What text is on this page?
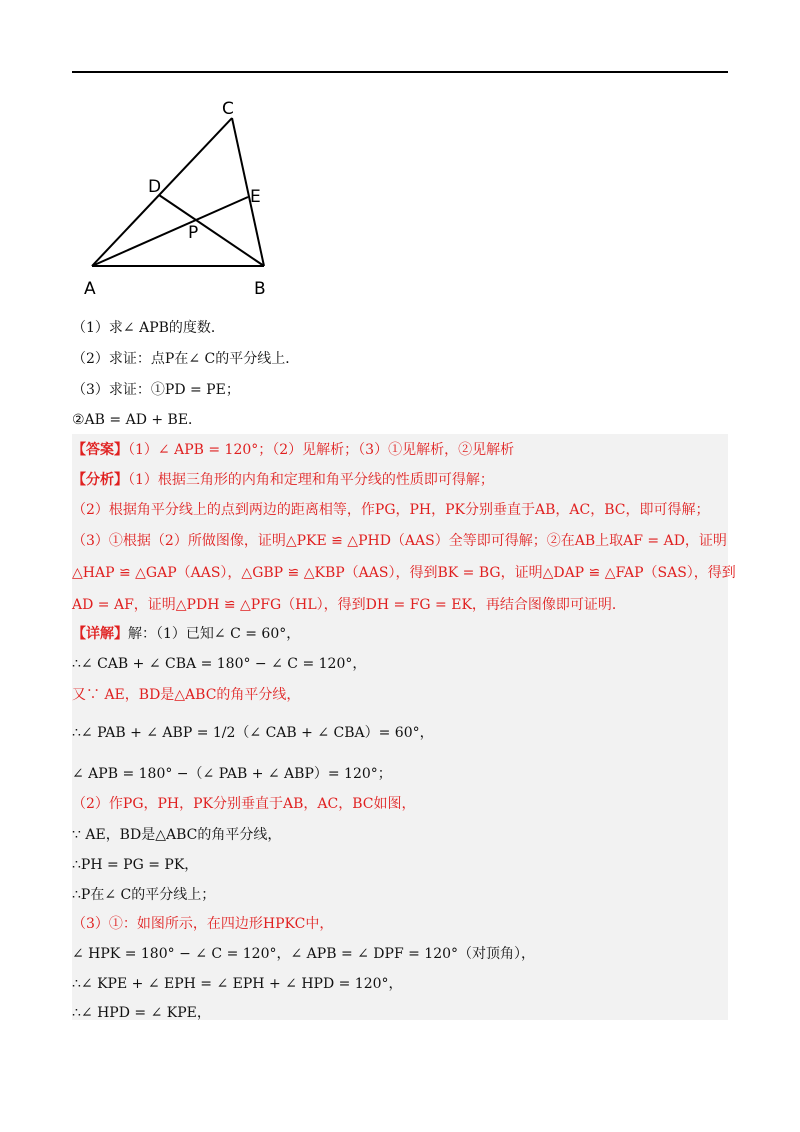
C
D	E
P
A	B
（1）求∠ APB的度数．
（2）求证：点P在∠ C的平分线上．
（3）求证：①PD = PE；
②AB = AD + BE．
【答案】（1）∠ APB = 120°；（2）见解析；（3）①见解析，②见解析
【分析】（1）根据三角形的内角和定理和角平分线的性质即可得解；
（2）根据角平分线上的点到两边的距离相等，作PG，PH，PK分别垂直于AB，AC，BC，即可得解；
（3）①根据（2）所做图像，证明△PKE ≌ △PHD（AAS）全等即可得解；②在AB上取AF = AD，证明
△HAP ≌ △GAP（AAS），△GBP ≌ △KBP（AAS），得到BK = BG，证明△DAP ≌ △FAP（SAS），得到
AD = AF，证明△PDH ≌ △PFG（HL），得到DH = FG = EK，再结合图像即可证明．
【详解】解：（1）已知∠ C = 60°，
∴∠ CAB + ∠ CBA = 180° − ∠ C = 120°，
又∵ AE，BD是△ABC的角平分线，
∴∠ PAB + ∠ ABP = 1/2（∠ CAB + ∠ CBA）= 60°，
∠ APB = 180° −（∠ PAB + ∠ ABP）= 120°；
（2）作PG，PH，PK分别垂直于AB，AC，BC如图，
∵ AE，BD是△ABC的角平分线，
∴PH = PG = PK，
∴P在∠ C的平分线上；
（3）①：如图所示，在四边形HPKC中，
∠ HPK = 180° − ∠ C = 120°，∠ APB = ∠ DPF = 120°（对顶角），
∴∠ KPE + ∠ EPH = ∠ EPH + ∠ HPD = 120°，
∴∠ HPD = ∠ KPE，
